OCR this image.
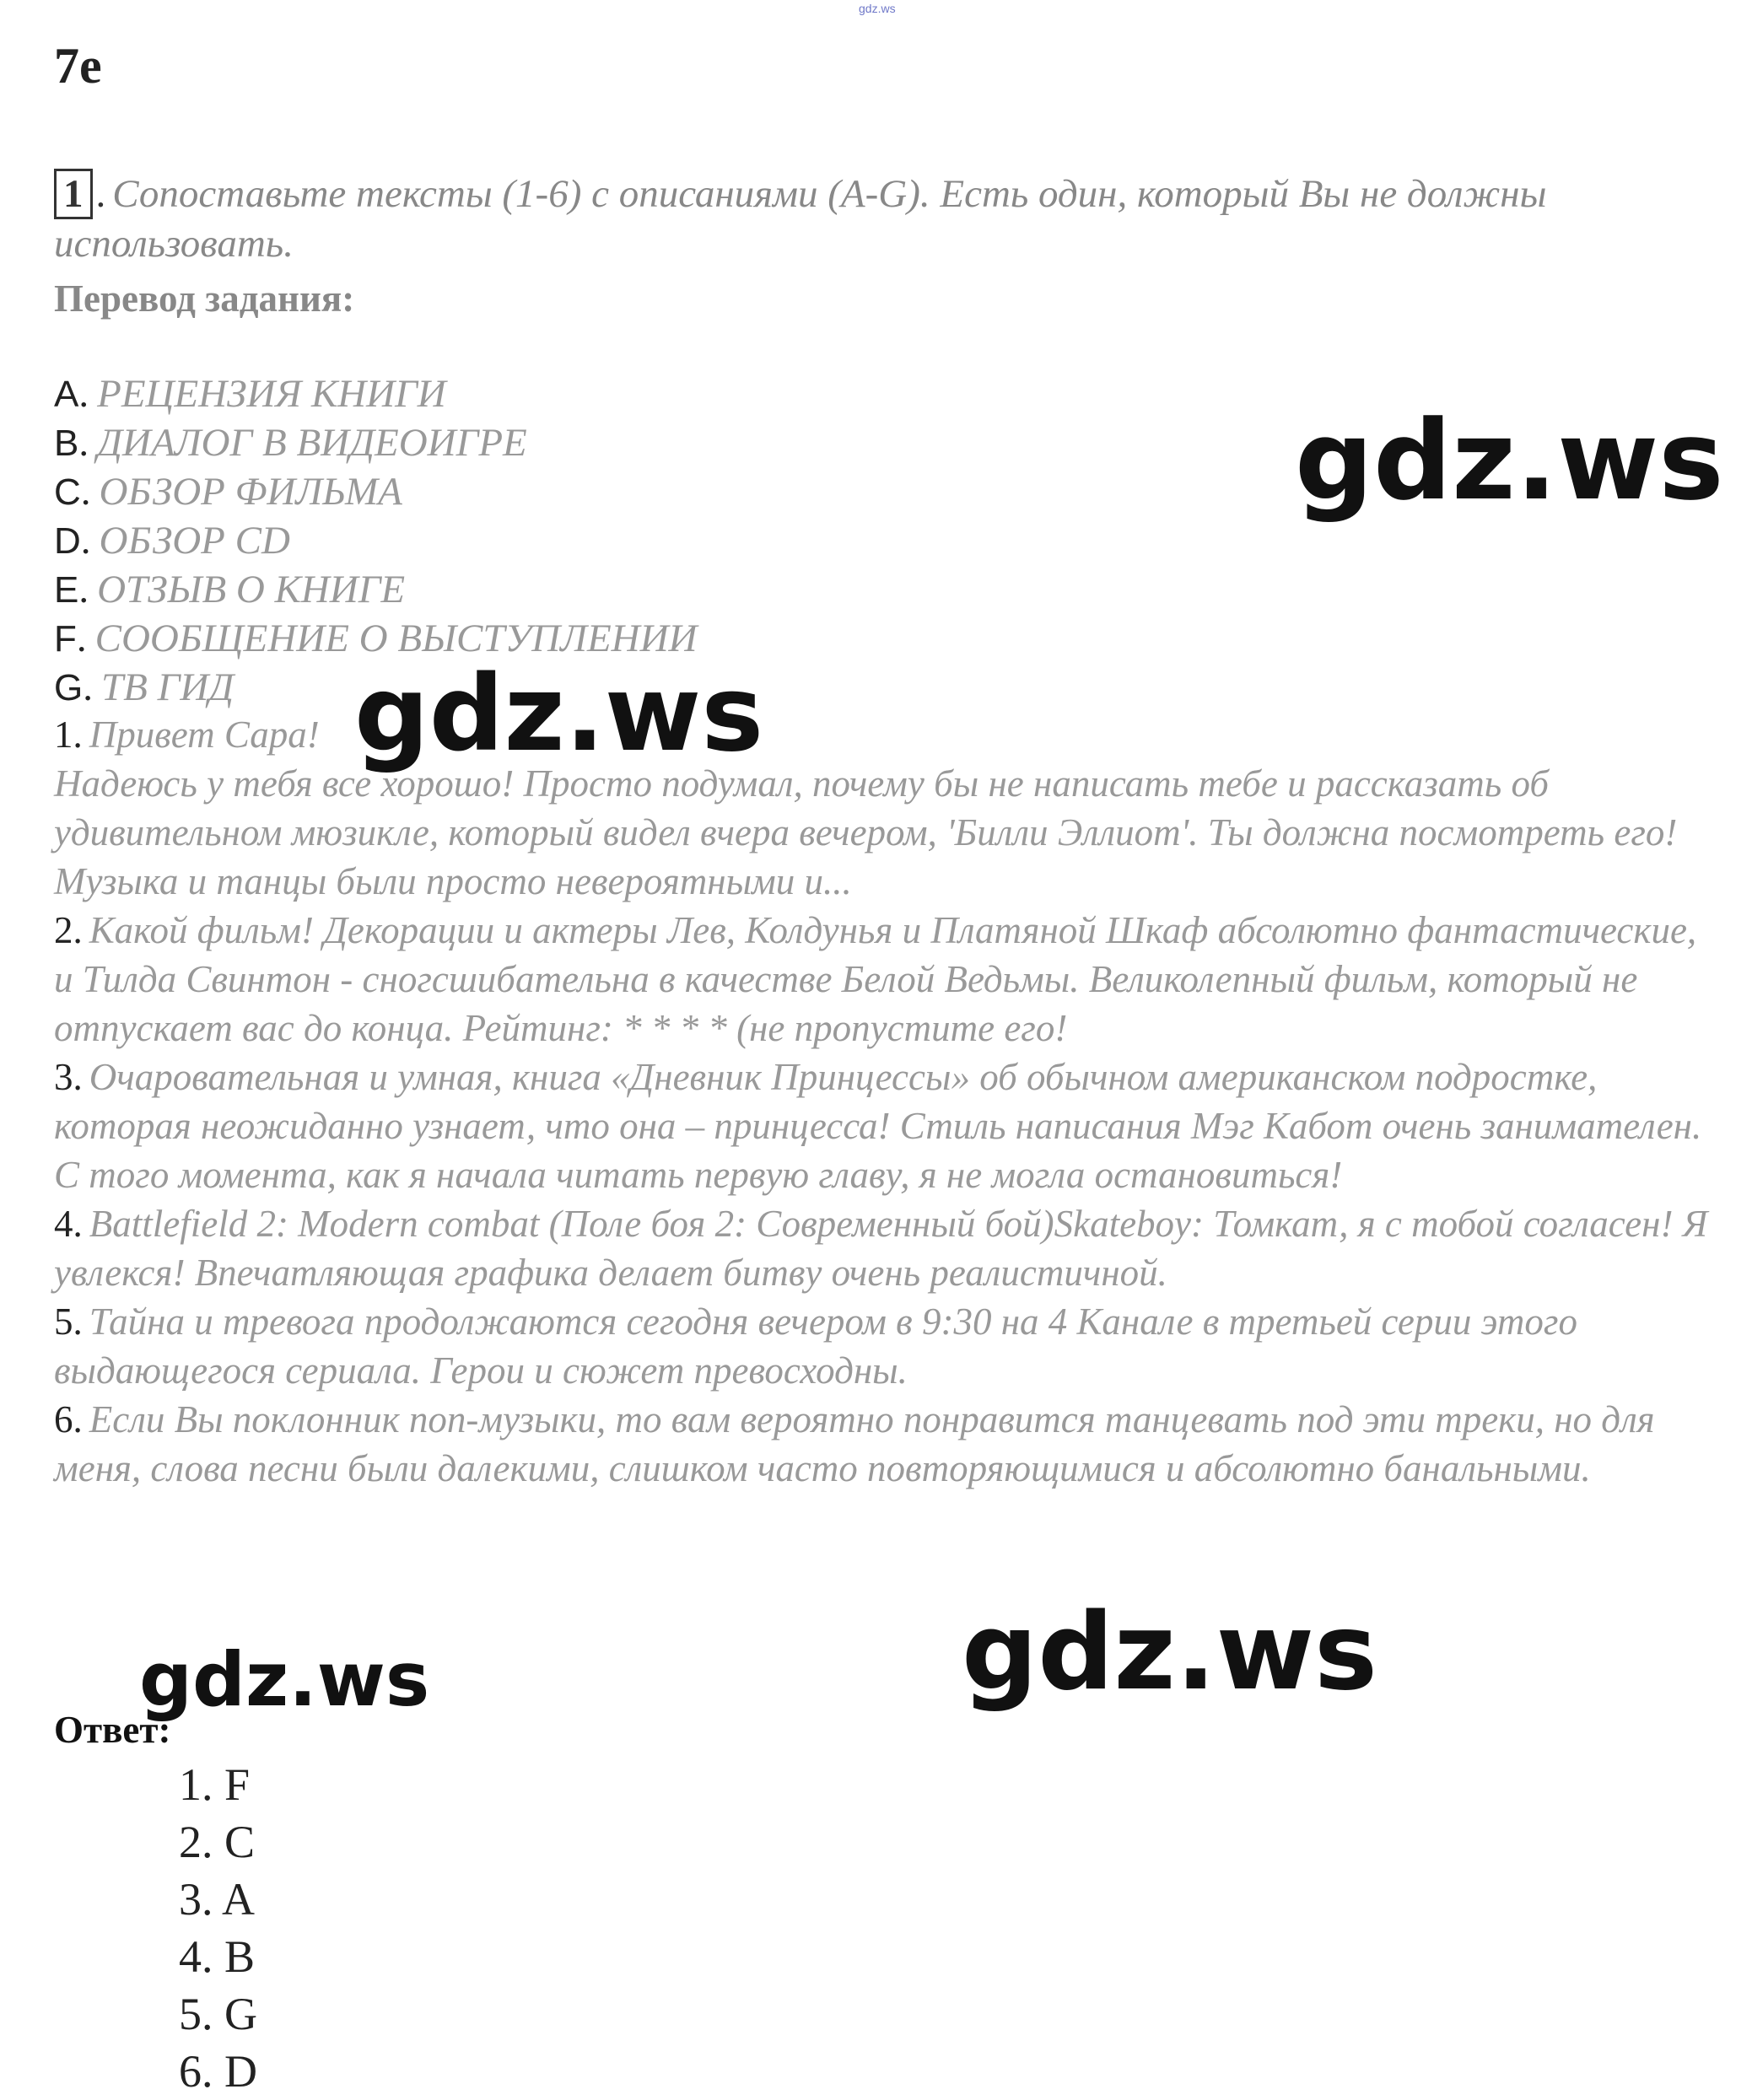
gdz.ws
7e
1 . Сопоставьте тексты (1-6) с описаниями (A-G). Есть один, который Вы не должны использовать.
Перевод задания:
A. РЕЦЕНЗИЯ КНИГИ
B. ДИАЛОГ В ВИДЕОИГРЕ
C. ОБЗОР ФИЛЬМА
D. ОБЗОР CD
E. ОТЗЫВ О КНИГЕ
F. СООБЩЕНИЕ О ВЫСТУПЛЕНИИ
G. ТВ ГИД

1. Привет Сара!
Надеюсь у тебя все хорошо! Просто подумал, почему бы не написать тебе и рассказать об удивительном мюзикле, который видел вчера вечером, 'Билли Эллиот'. Ты должна посмотреть его! Музыка и танцы были просто невероятными и...

2. Какой фильм! Декорации и актеры Лев, Колдунья и Платяной Шкаф абсолютно фантастические, и Тилда Свинтон - сногсшибательна в качестве Белой Ведьмы. Великолепный фильм, который не отпускает вас до конца. Рейтинг: * * * * (не пропустите его!

3. Очаровательная и умная, книга «Дневник Принцессы» об обычном американском подростке, которая неожиданно узнает, что она – принцесса! Стиль написания Мэг Кабот очень занимателен. С того момента, как я начала читать первую главу, я не могла остановиться!

4. Battlefield 2: Modern combat (Поле боя 2: Современный бой)Skateboy: Томкат, я с тобой согласен! Я увлекся! Впечатляющая графика делает битву очень реалистичной.

5. Тайна и тревога продолжаются сегодня вечером в 9:30 на 4 Канале в третьей серии этого выдающегося сериала. Герои и сюжет превосходны.

6. Если Вы поклонник поп-музыки, то вам вероятно понравится танцевать под эти треки, но для меня, слова песни были далекими, слишком часто повторяющимися и абсолютно банальными.

Ответ:
1. F
2. C
3. A
4. B
5. G
6. D
gdz.ws
gdz.ws
gdz.ws
gdz.ws
